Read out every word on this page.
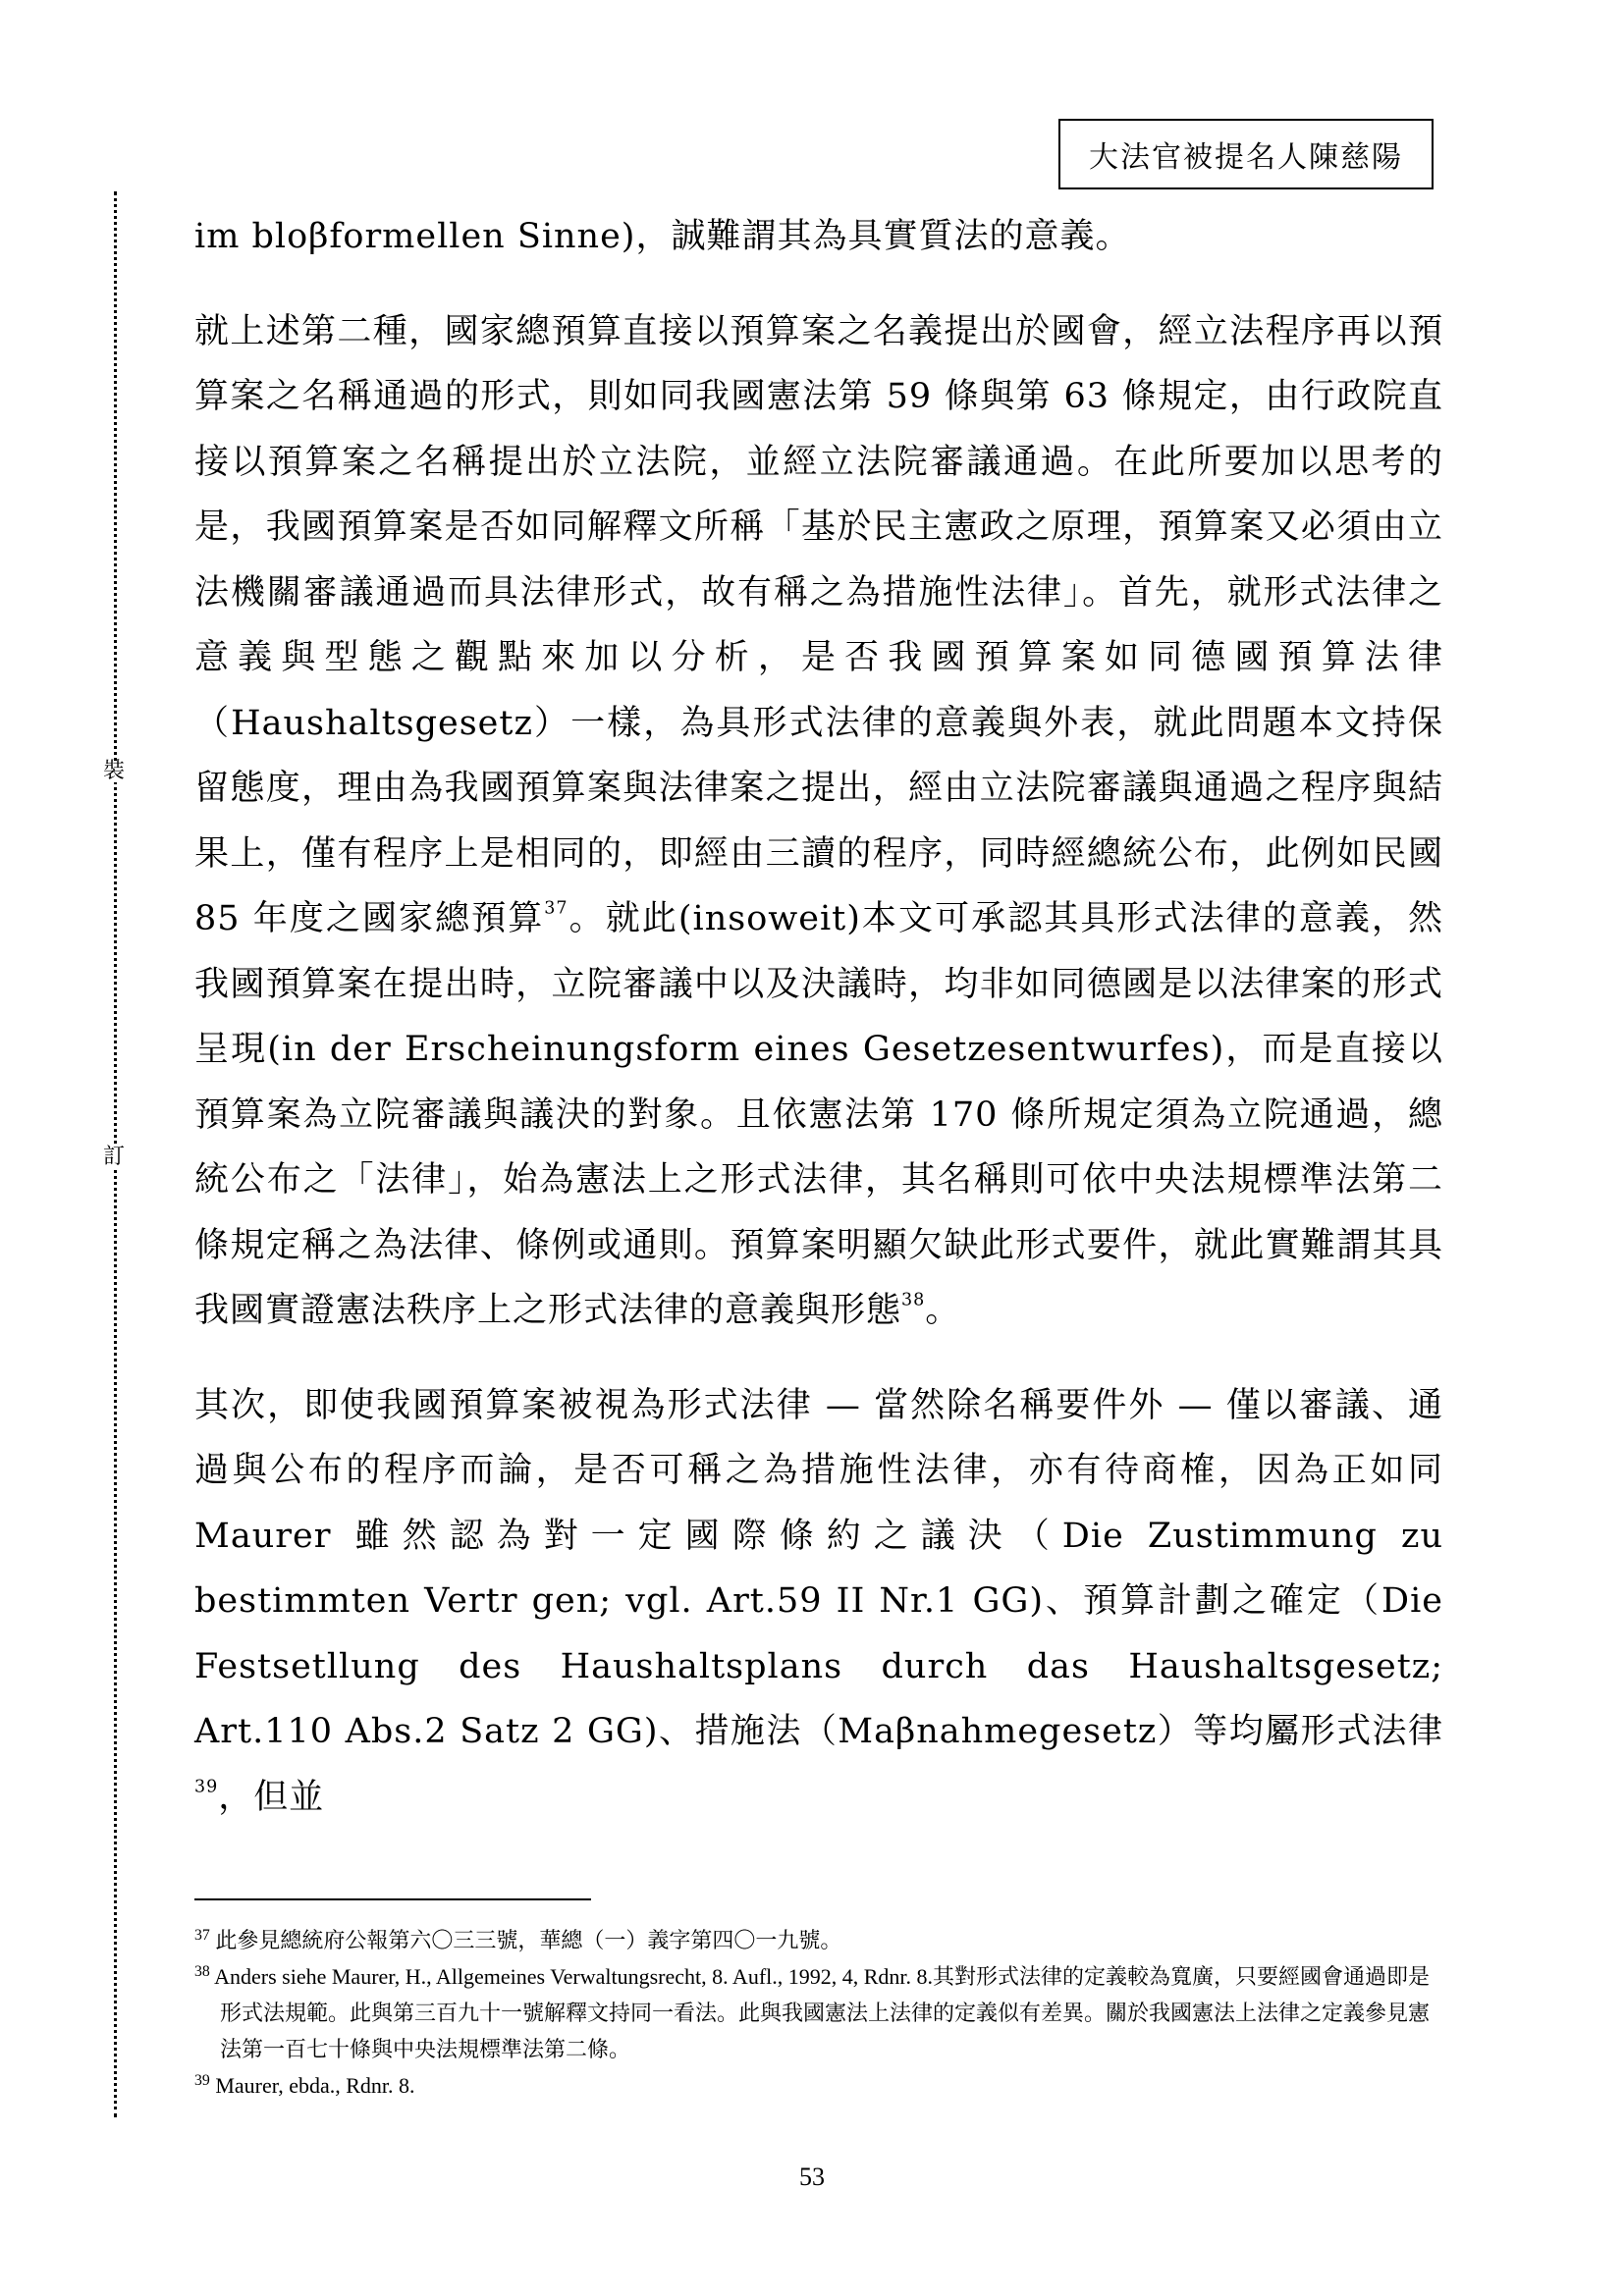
大法官被提名人陳慈陽
裝
訂

im bloβformellen Sinne)，誠難謂其為具實質法的意義。

就上述第二種，國家總預算直接以預算案之名義提出於國會，經立法程序再以預算案之名稱通過的形式，則如同我國憲法第 59 條與第 63 條規定，由行政院直接以預算案之名稱提出於立法院，並經立法院審議通過。在此所要加以思考的是，我國預算案是否如同解釋文所稱「基於民主憲政之原理，預算案又必須由立法機關審議通過而具法律形式，故有稱之為措施性法律」。首先，就形式法律之意義與型態之觀點來加以分析，是否我國預算案如同德國預算法律（Haushaltsgesetz）一樣，為具形式法律的意義與外表，就此問題本文持保留態度，理由為我國預算案與法律案之提出，經由立法院審議與通過之程序與結果上，僅有程序上是相同的，即經由三讀的程序，同時經總統公布，此例如民國 85 年度之國家總預算$^{37}$。就此(insoweit)本文可承認其具形式法律的意義，然我國預算案在提出時，立院審議中以及決議時，均非如同德國是以法律案的形式呈現(in der Erscheinungsform eines Gesetzesentwurfes)，而是直接以預算案為立院審議與議決的對象。且依憲法第 170 條所規定須為立院通過，總統公布之「法律」，始為憲法上之形式法律，其名稱則可依中央法規標準法第二條規定稱之為法律、條例或通則。預算案明顯欠缺此形式要件，就此實難謂其具我國實證憲法秩序上之形式法律的意義與形態$^{38}$。

其次，即使我國預算案被視為形式法律 — 當然除名稱要件外 — 僅以審議、通過與公布的程序而論，是否可稱之為措施性法律，亦有待商榷，因為正如同 Maurer 雖然認為對一定國際條約之議決（Die Zustimmung zu bestimmten Vertr gen; vgl. Art.59 II Nr.1 GG)、預算計劃之確定（Die Festsetllung des Haushaltsplans durch das Haushaltsgesetz; Art.110 Abs.2 Satz 2 GG)、措施法（Maβnahmegesetz）等均屬形式法律$^{39}$，但並

$^{37}$ 此參見總統府公報第六〇三三號，華總（一）義字第四〇一九號。

$^{38}$ Anders siehe Maurer, H., Allgemeines Verwaltungsrecht, 8. Aufl., 1992, 4, Rdnr. 8.其對形式法律的定義較為寬廣，只要經國會通過即是形式法規範。此與第三百九十一號解釋文持同一看法。此與我國憲法上法律的定義似有差異。關於我國憲法上法律之定義參見憲法第一百七十條與中央法規標準法第二條。

$^{39}$ Maurer, ebda., Rdnr. 8.

53
